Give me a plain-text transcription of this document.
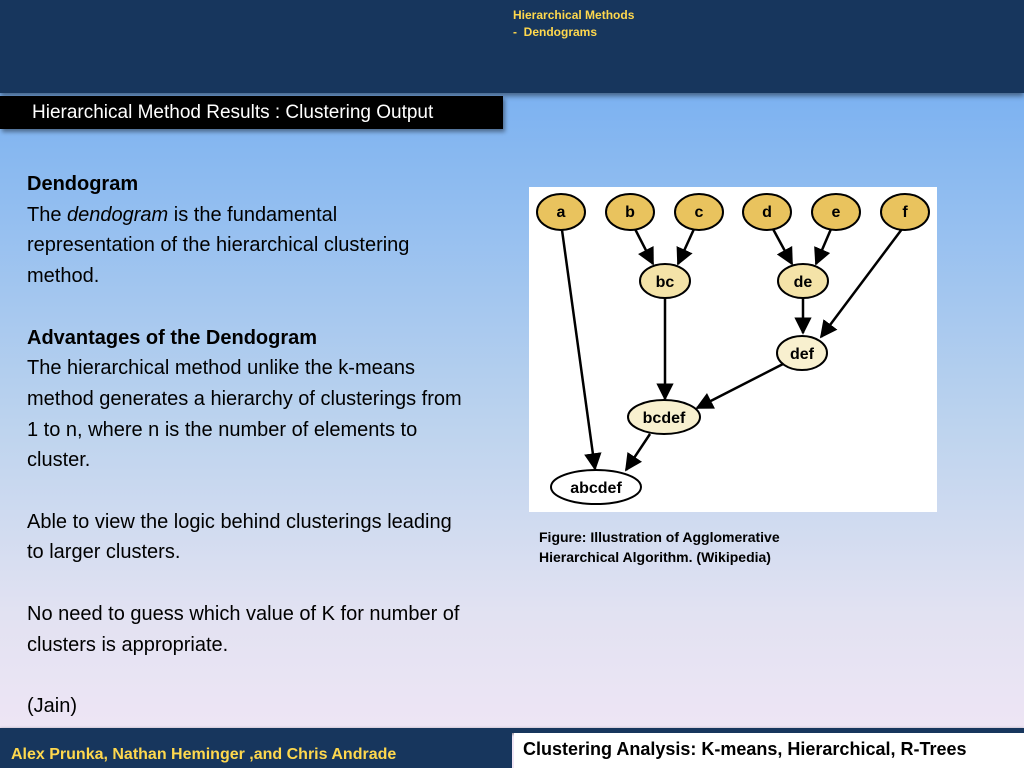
Hierarchical Methods
-  Dendograms
Hierarchical Method Results : Clustering Output
Dendogram
The dendogram is the fundamental representation of the hierarchical clustering method.
Advantages of the Dendogram
The hierarchical method unlike the k-means method generates a hierarchy of clusterings from 1 to n, where n is the number of elements to cluster.
Able to view the logic behind clusterings leading to larger clusters.
No need to guess which value of K for number of clusters is appropriate.
(Jain)
a	b	c	d	e	f
bc	de
def
bcdef
abcdef
Figure: Illustration of Agglomerative Hierarchical Algorithm. (Wikipedia)
Alex Prunka, Nathan Heminger ,and Chris Andrade	Clustering Analysis: K-means, Hierarchical, R-Trees
